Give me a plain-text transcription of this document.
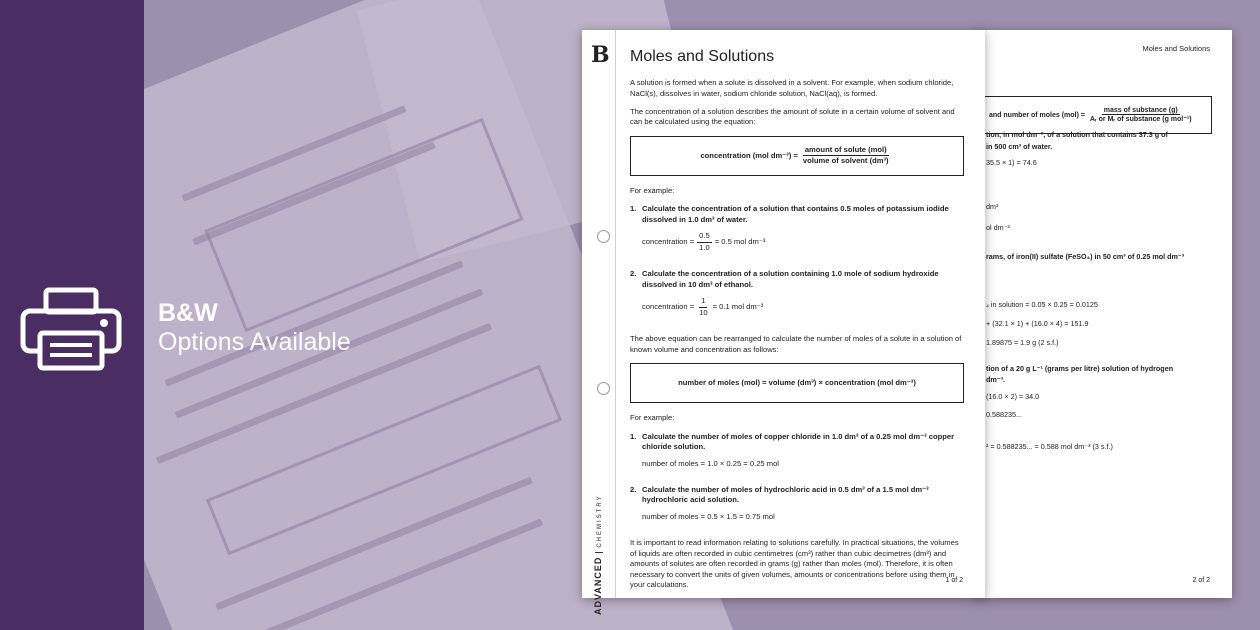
B&W
Options Available
Moles and Solutions
and number of moles $(mol) = \frac{\text{mass of substance (g)}}{\text{Aᵣ or Mᵣ of substance (g mol⁻¹)}}$
tion, in mol dm⁻³, of a solution that contains 37.3 g of
in 500 cm³ of water.
35.5 × 1) = 74.6
dm³
ol dm⁻³
rams, of iron(II) sulfate (FeSO₄) in 50 cm³ of 0.25 mol dm⁻³
₄ in solution = 0.05 × 0.25 = 0.0125
+ (32.1 × 1) + (16.0 × 4) = 151.9
1.89875 = 1.9 g (2 s.f.)
tion of a 20 g L⁻¹ (grams per litre) solution of hydrogen
dm⁻³.
(16.0 × 2) = 34.0
0.588235...
² = 0.588235... = 0.588 mol dm⁻³ (3 s.f.)
2 of 2
B
ADVANCEDCHEMISTRY
Moles and Solutions
A solution is formed when a solute is dissolved in a solvent. For example, when sodium chloride, NaCl(s), dissolves in water, sodium chloride solution, NaCl(aq), is formed.
The concentration of a solution describes the amount of solute in a certain volume of solvent and can be calculated using the equation:
concentration (mol $dm^{-3}) = \frac{\text{amount of solute (mol)}}{\text{volume of solvent (dm³)}}$
For example:
1. Calculate the concentration of a solution that contains 0.5 moles of potassium iodide dissolved in 1.0 dm³ of water.
concentration = $\frac{0.5}{1.0} = 0.5$ mol dm⁻³
2. Calculate the concentration of a solution containing 1.0 mole of sodium hydroxide dissolved in 10 dm³ of ethanol.
concentration = $\frac{1}{10} = 0.1$ mol dm⁻³
The above equation can be rearranged to calculate the number of moles of a solute in a solution of known volume and concentration as follows:
number of moles (mol) = volume (dm³) × concentration (mol dm⁻³)
For example:
1. Calculate the number of moles of copper chloride in 1.0 dm³ of a 0.25 mol dm⁻³ copper chloride solution.
number of moles = 1.0 × 0.25 = 0.25 mol
2. Calculate the number of moles of hydrochloric acid in 0.5 dm³ of a 1.5 mol dm⁻³ hydrochloric acid solution.
number of moles = 0.5 × 1.5 = 0.75 mol
It is important to read information relating to solutions carefully. In practical situations, the volumes of liquids are often recorded in cubic centimetres (cm³) rather than cubic decimetres (dm³) and amounts of solutes are often recorded in grams (g) rather than moles (mol). Therefore, it is often necessary to convert the units of given volumes, amounts or concentrations before using them in your calculations.	1 of 2
